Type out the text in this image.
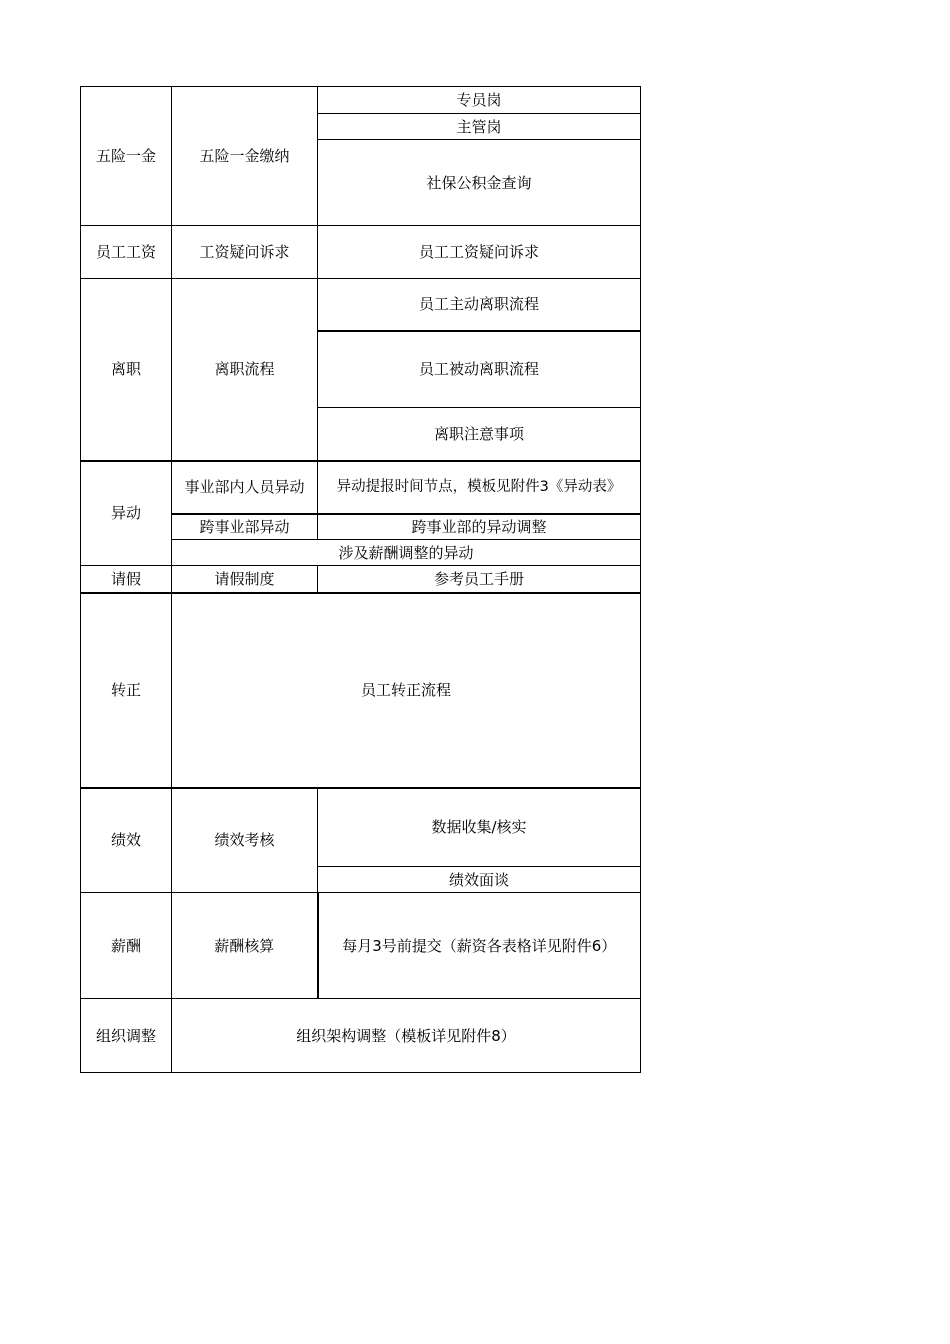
五险一金	五险一金缴纳	专员岗
		主管岗
		社保公积金查询
员工工资	工资疑问诉求	员工工资疑问诉求
离职	离职流程	员工主动离职流程
		员工被动离职流程
		离职注意事项
异动	事业部内人员异动	异动提报时间节点，模板见附件3《异动表》
	跨事业部异动	跨事业部的异动调整
	涉及薪酬调整的异动	
请假	请假制度	参考员工手册
转正	员工转正流程	
绩效	绩效考核	数据收集/核实
		绩效面谈
薪酬	薪酬核算	每月3号前提交（薪资各表格详见附件6）
组织调整	组织架构调整（模板详见附件8）	
